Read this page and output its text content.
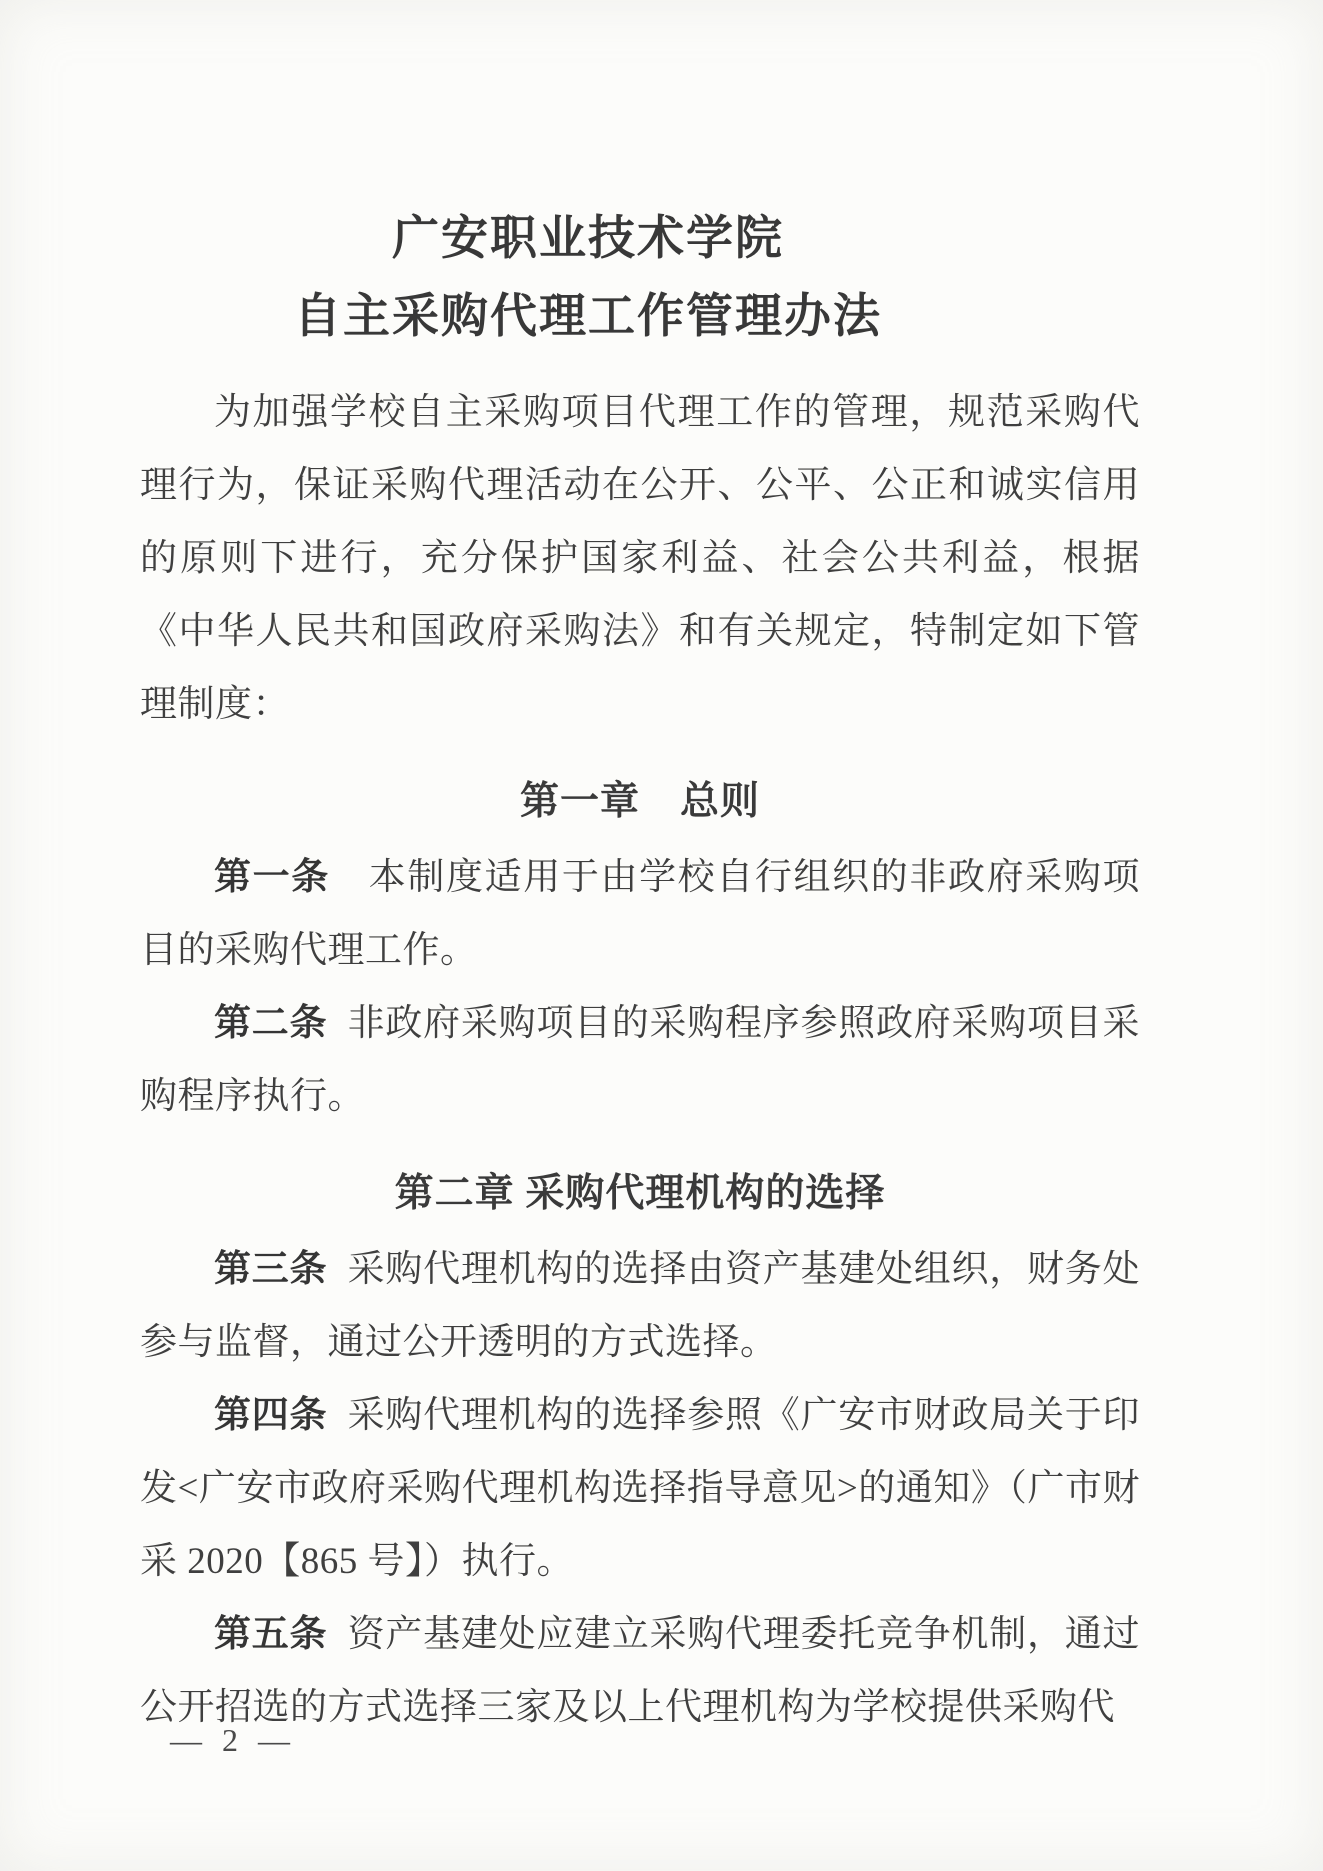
广安职业技术学院
自主采购代理工作管理办法

为加强学校自主采购项目代理工作的管理，规范采购代理行为，保证采购代理活动在公开、公平、公正和诚实信用的原则下进行，充分保护国家利益、社会公共利益，根据《中华人民共和国政府采购法》和有关规定，特制定如下管理制度：

第一章　总则

第一条 本制度适用于由学校自行组织的非政府采购项目的采购代理工作。

第二条 非政府采购项目的采购程序参照政府采购项目采购程序执行。

第二章 采购代理机构的选择

第三条 采购代理机构的选择由资产基建处组织，财务处参与监督，通过公开透明的方式选择。

第四条 采购代理机构的选择参照《广安市财政局关于印发<广安市政府采购代理机构选择指导意见>的通知》（广市财采 2020【865 号】）执行。

第五条 资产基建处应建立采购代理委托竞争机制，通过公开招选的方式选择三家及以上代理机构为学校提供采购代

— 2 —
